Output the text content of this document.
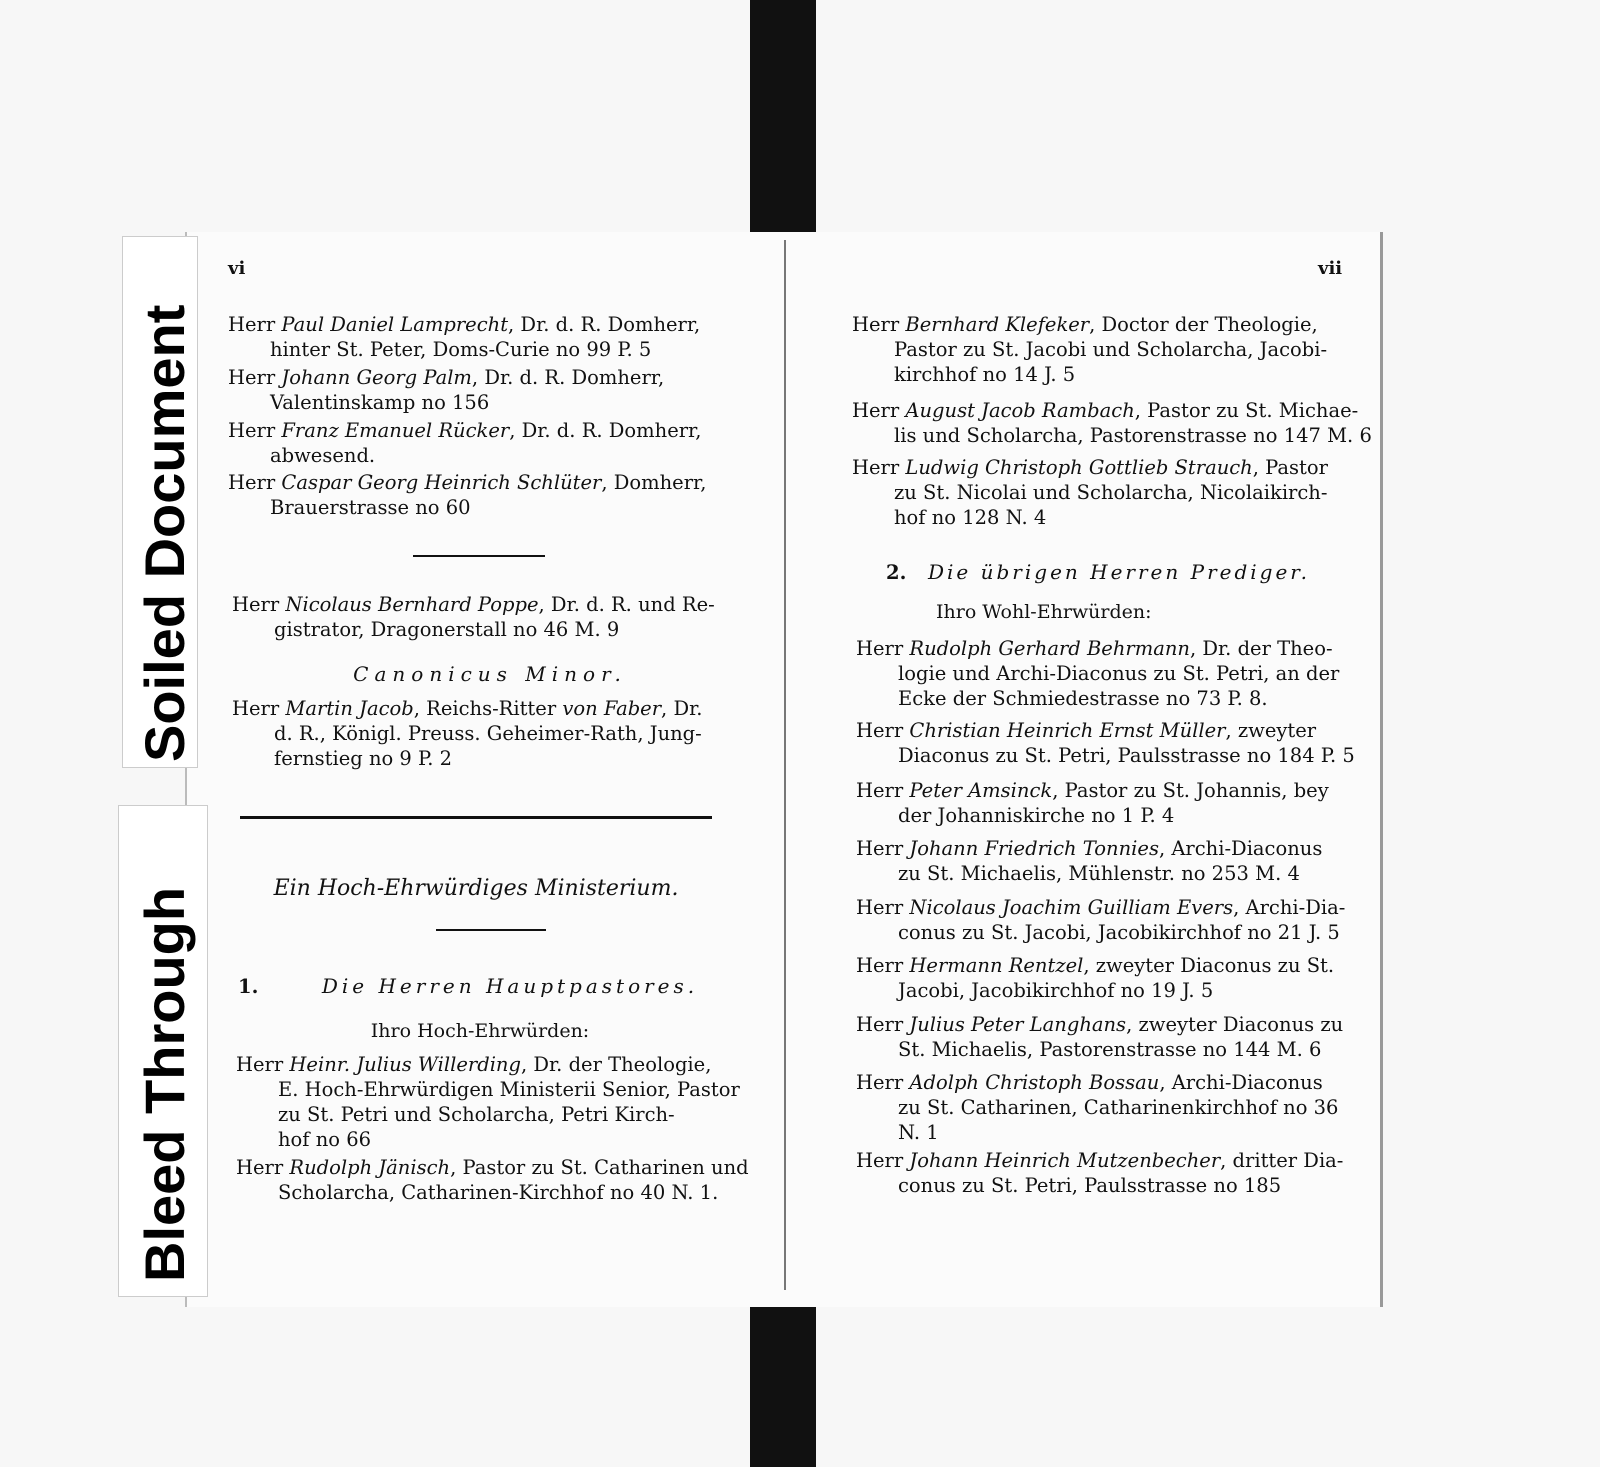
Soiled Document
Bleed Through
vi
Herr Paul Daniel Lamprecht, Dr. d. R. Domherr,
hinter St. Peter, Doms-Curie no 99 P. 5
Herr Johann Georg Palm, Dr. d. R. Domherr,
Valentinskamp no 156
Herr Franz Emanuel Rücker, Dr. d. R. Domherr,
abwesend.
Herr Caspar Georg Heinrich Schlüter, Domherr,
Brauerstrasse no 60
Herr Nicolaus Bernhard Poppe, Dr. d. R. und Re-
gistrator, Dragonerstall no 46 M. 9
Canonicus Minor.
Herr Martin Jacob, Reichs-Ritter von Faber, Dr.
d. R., Königl. Preuss. Geheimer-Rath, Jung-
fernstieg no 9 P. 2
Ein Hoch-Ehrwürdiges Ministerium.
1.	Die Herren Hauptpastores.
Ihro Hoch-Ehrwürden:
Herr Heinr. Julius Willerding, Dr. der Theologie,
E. Hoch-Ehrwürdigen Ministerii Senior, Pastor
zu St. Petri und Scholarcha, Petri Kirch-
hof no 66
Herr Rudolph Jänisch, Pastor zu St. Catharinen und
Scholarcha, Catharinen-Kirchhof no 40 N. 1.
vii
Herr Bernhard Klefeker, Doctor der Theologie,
Pastor zu St. Jacobi und Scholarcha, Jacobi-
kirchhof no 14 J. 5
Herr August Jacob Rambach, Pastor zu St. Michae-
lis und Scholarcha, Pastorenstrasse no 147 M. 6
Herr Ludwig Christoph Gottlieb Strauch, Pastor
zu St. Nicolai und Scholarcha, Nicolaikirch-
hof no 128 N. 4
2. Die übrigen Herren Prediger.
Ihro Wohl-Ehrwürden:
Herr Rudolph Gerhard Behrmann, Dr. der Theo-
logie und Archi-Diaconus zu St. Petri, an der
Ecke der Schmiedestrasse no 73 P. 8.
Herr Christian Heinrich Ernst Müller, zweyter
Diaconus zu St. Petri, Paulsstrasse no 184 P. 5
Herr Peter Amsinck, Pastor zu St. Johannis, bey
der Johanniskirche no 1 P. 4
Herr Johann Friedrich Tonnies, Archi-Diaconus
zu St. Michaelis, Mühlenstr. no 253 M. 4
Herr Nicolaus Joachim Guilliam Evers, Archi-Dia-
conus zu St. Jacobi, Jacobikirchhof no 21 J. 5
Herr Hermann Rentzel, zweyter Diaconus zu St.
Jacobi, Jacobikirchhof no 19 J. 5
Herr Julius Peter Langhans, zweyter Diaconus zu
St. Michaelis, Pastorenstrasse no 144 M. 6
Herr Adolph Christoph Bossau, Archi-Diaconus
zu St. Catharinen, Catharinenkirchhof no 36
N. 1
Herr Johann Heinrich Mutzenbecher, dritter Dia-
conus zu St. Petri, Paulsstrasse no 185
